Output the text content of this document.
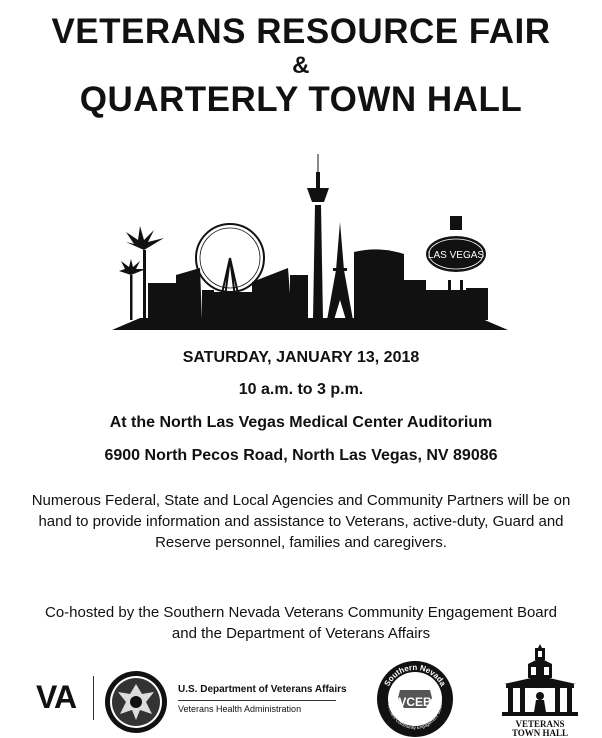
VETERANS RESOURCE FAIR
&
QUARTERLY TOWN HALL
LAS VEGAS
SATURDAY, JANUARY 13, 2018
10 a.m. to 3 p.m.
At the North Las Vegas Medical Center Auditorium
6900 North Pecos Road, North Las Vegas, NV 89086

Numerous Federal, State and Local Agencies and Community Partners will be on hand to provide information and assistance to Veterans, active-duty, Guard and Reserve personnel, families and caregivers.

Co-hosted by the Southern Nevada Veterans Community Engagement Board
and the Department of Veterans Affairs
VA	U.S. Department of Veterans Affairs
Veterans Health Administration
Southern Nevada
Veterans Community Engagement Board
VCEB
VETERANS
TOWN HALL
